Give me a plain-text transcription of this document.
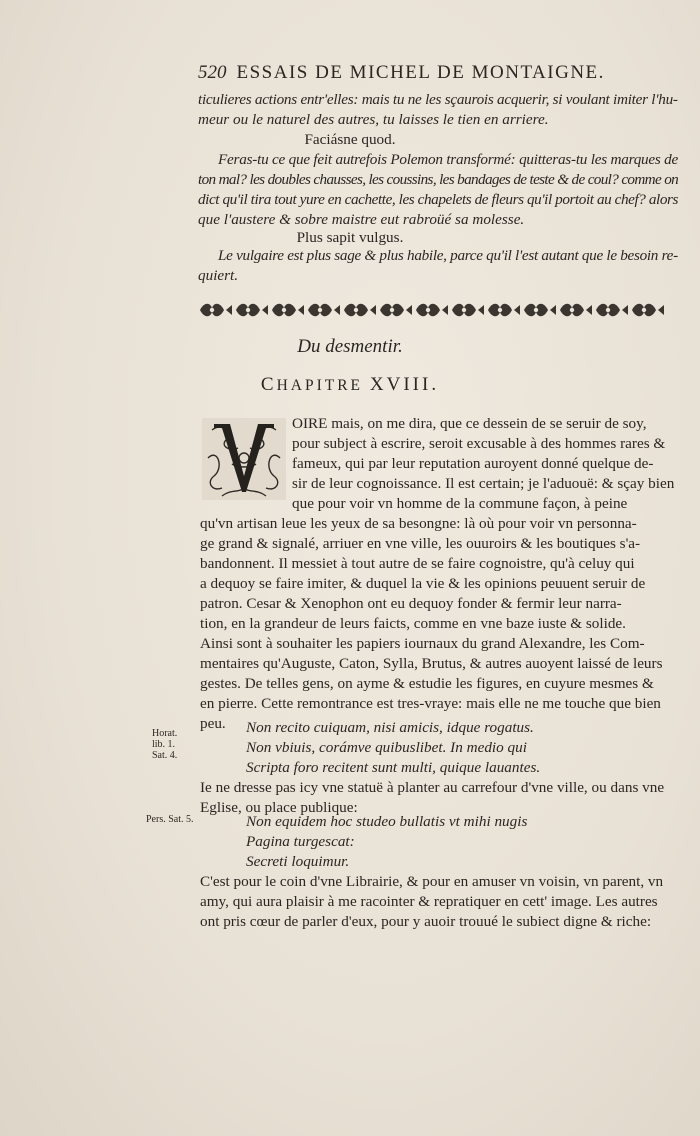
520 ESSAIS DE MICHEL DE MONTAIGNE.
ticulieres actions entr'elles: mais tu ne les sçaurois acquerir, si voulant imiter l'hu-
meur ou le naturel des autres, tu laisses le tien en arriere.
Faciásne quod.
Feras-tu ce que feit autrefois Polemon transformé: quitteras-tu les marques de
ton mal? les doubles chausses, les coussins, les bandages de teste & de coul? comme on
dict qu'il tira tout yure en cachette, les chapelets de fleurs qu'il portoit au chef? alors
que l'austere & sobre maistre eut rabroüé sa molesse.
Plus sapit vulgus.
Le vulgaire est plus sage & plus habile, parce qu'il l'est autant que le besoin re-
quiert.
Du desmentir.
CHAPITRE XVIII.
OIRE mais, on me dira, que ce dessein de se seruir de soy,
pour subject à escrire, seroit excusable à des hommes rares &
fameux, qui par leur reputation auroyent donné quelque de-
sir de leur cognoissance. Il est certain; je l'aduouë: & sçay bien
que pour voir vn homme de la commune façon, à peine
qu'vn artisan leue les yeux de sa besongne: là où pour voir vn personna-
ge grand & signalé, arriuer en vne ville, les ouuroirs & les boutiques s'a-
bandonnent. Il messiet à tout autre de se faire cognoistre, qu'à celuy qui
a dequoy se faire imiter, & duquel la vie & les opinions peuuent seruir de
patron. Cesar & Xenophon ont eu dequoy fonder & fermir leur narra-
tion, en la grandeur de leurs faicts, comme en vne baze iuste & solide.
Ainsi sont à souhaiter les papiers iournaux du grand Alexandre, les Com-
mentaires qu'Auguste, Caton, Sylla, Brutus, & autres auoyent laissé de leurs
gestes. De telles gens, on ayme & estudie les figures, en cuyure mesmes &
en pierre. Cette remontrance est tres-vraye: mais elle ne me touche que bien
peu.
Horat.
lib. 1.
Sat. 4.
Non recito cuiquam, nisi amicis, idque rogatus.
Non vbiuis, corámve quibuslibet. In medio qui
Scripta foro recitent sunt multi, quique lauantes.
Ie ne dresse pas icy vne statuë à planter au carrefour d'vne ville, ou dans vne
Eglise, ou place publique:
Pers. Sat. 5.	Non equidem hoc studeo bullatis vt mihi nugis
Pagina turgescat:
Secreti loquimur.
C'est pour le coin d'vne Librairie, & pour en amuser vn voisin, vn parent, vn
amy, qui aura plaisir à me racointer & repratiquer en cett' image. Les autres
ont pris cœur de parler d'eux, pour y auoir trouué le subiect digne & riche:
